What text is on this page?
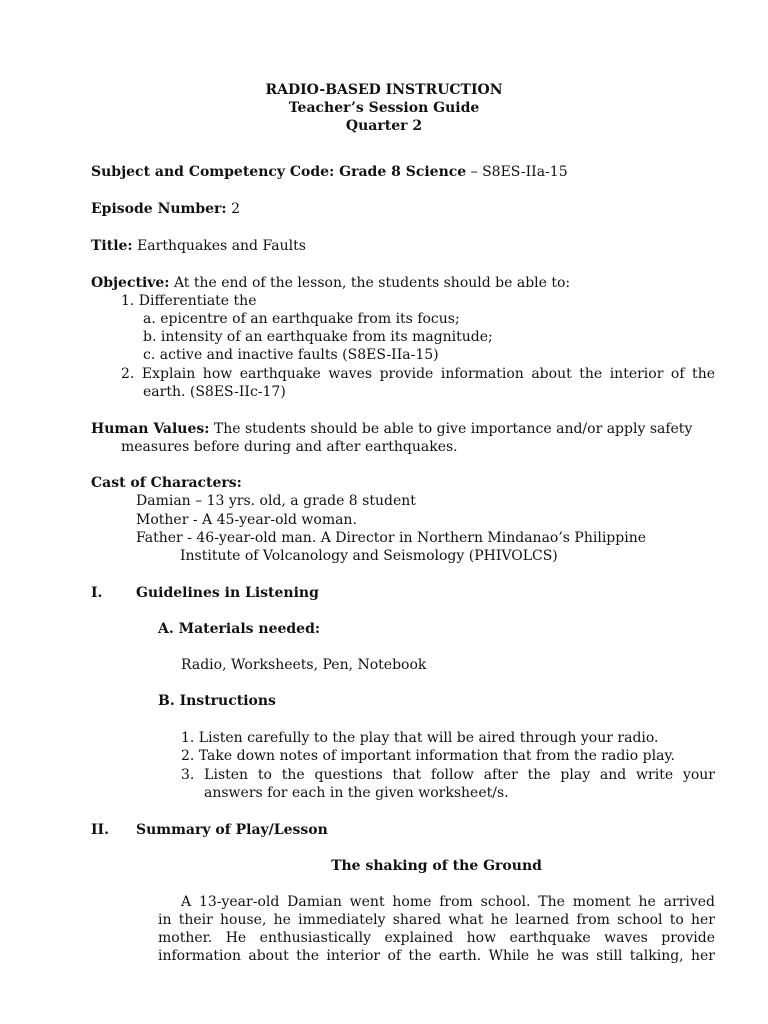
RADIO-BASED INSTRUCTION
Teacher’s Session Guide
Quarter 2
Subject and Competency Code: Grade 8 Science – S8ES-IIa-15
Episode Number: 2
Title: Earthquakes and Faults
Objective: At the end of the lesson, the students should be able to:
1. Differentiate the
a. epicentre of an earthquake from its focus;
b. intensity of an earthquake from its magnitude;
c. active and inactive faults (S8ES-IIa-15)
2. Explain how earthquake waves provide information about the interior of the
earth. (S8ES-IIc-17)
Human Values: The students should be able to give importance and/or apply safety
measures before during and after earthquakes.
Cast of Characters:
Damian – 13 yrs. old, a grade 8 student
Mother - A 45-year-old woman.
Father - 46-year-old man. A Director in Northern Mindanao’s Philippine
Institute of Volcanology and Seismology (PHIVOLCS)
I. Guidelines in Listening
A. Materials needed:
Radio, Worksheets, Pen, Notebook
B. Instructions
1. Listen carefully to the play that will be aired through your radio.
2. Take down notes of important information that from the radio play.
3. Listen to the questions that follow after the play and write your
answers for each in the given worksheet/s.
II. Summary of Play/Lesson
The shaking of the Ground
A 13-year-old Damian went home from school. The moment he arrived
in their house, he immediately shared what he learned from school to her
mother. He enthusiastically explained how earthquake waves provide
information about the interior of the earth. While he was still talking, her
